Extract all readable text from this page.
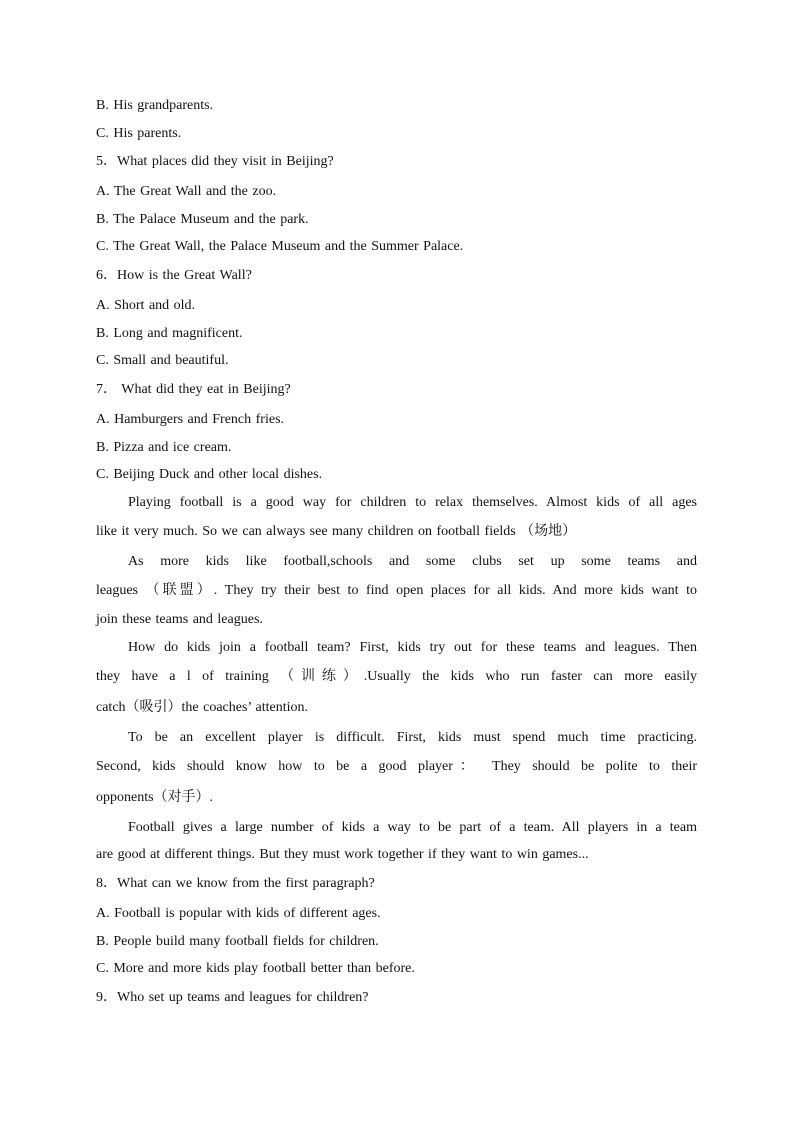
B. His grandparents.
C. His parents.
5．What places did they visit in Beijing?
A. The Great Wall and the zoo.
B. The Palace Museum and the park.
C. The Great Wall, the Palace Museum and the Summer Palace.
6．How is the Great Wall?
A. Short and old.
B. Long and magnificent.
C. Small and beautiful.
7． What did they eat in Beijing?
A. Hamburgers and French fries.
B. Pizza and ice cream.
C. Beijing Duck and other local dishes.
Playing football is a good way for children to relax themselves. Almost kids of all ages
like it very much. So we can always see many children on football fields （场地）
As more kids like football,schools and some clubs set up some teams and
leagues （联盟）. They try their best to find open places for all kids. And more kids want to
join these teams and leagues.
How do kids join a football team? First, kids try out for these teams and leagues. Then
they have a l of training （训练）.Usually the kids who run faster can more easily
catch（吸引）the coaches’ attention.
To be an excellent player is difficult. First, kids must spend much time practicing.
Second, kids should know how to be a good player： They should be polite to their
opponents（对手）.
Football gives a large number of kids a way to be part of a team. All players in a team
are good at different things. But they must work together if they want to win games...
8．What can we know from the first paragraph?
A. Football is popular with kids of different ages.
B. People build many football fields for children.
C. More and more kids play football better than before.
9．Who set up teams and leagues for children?
